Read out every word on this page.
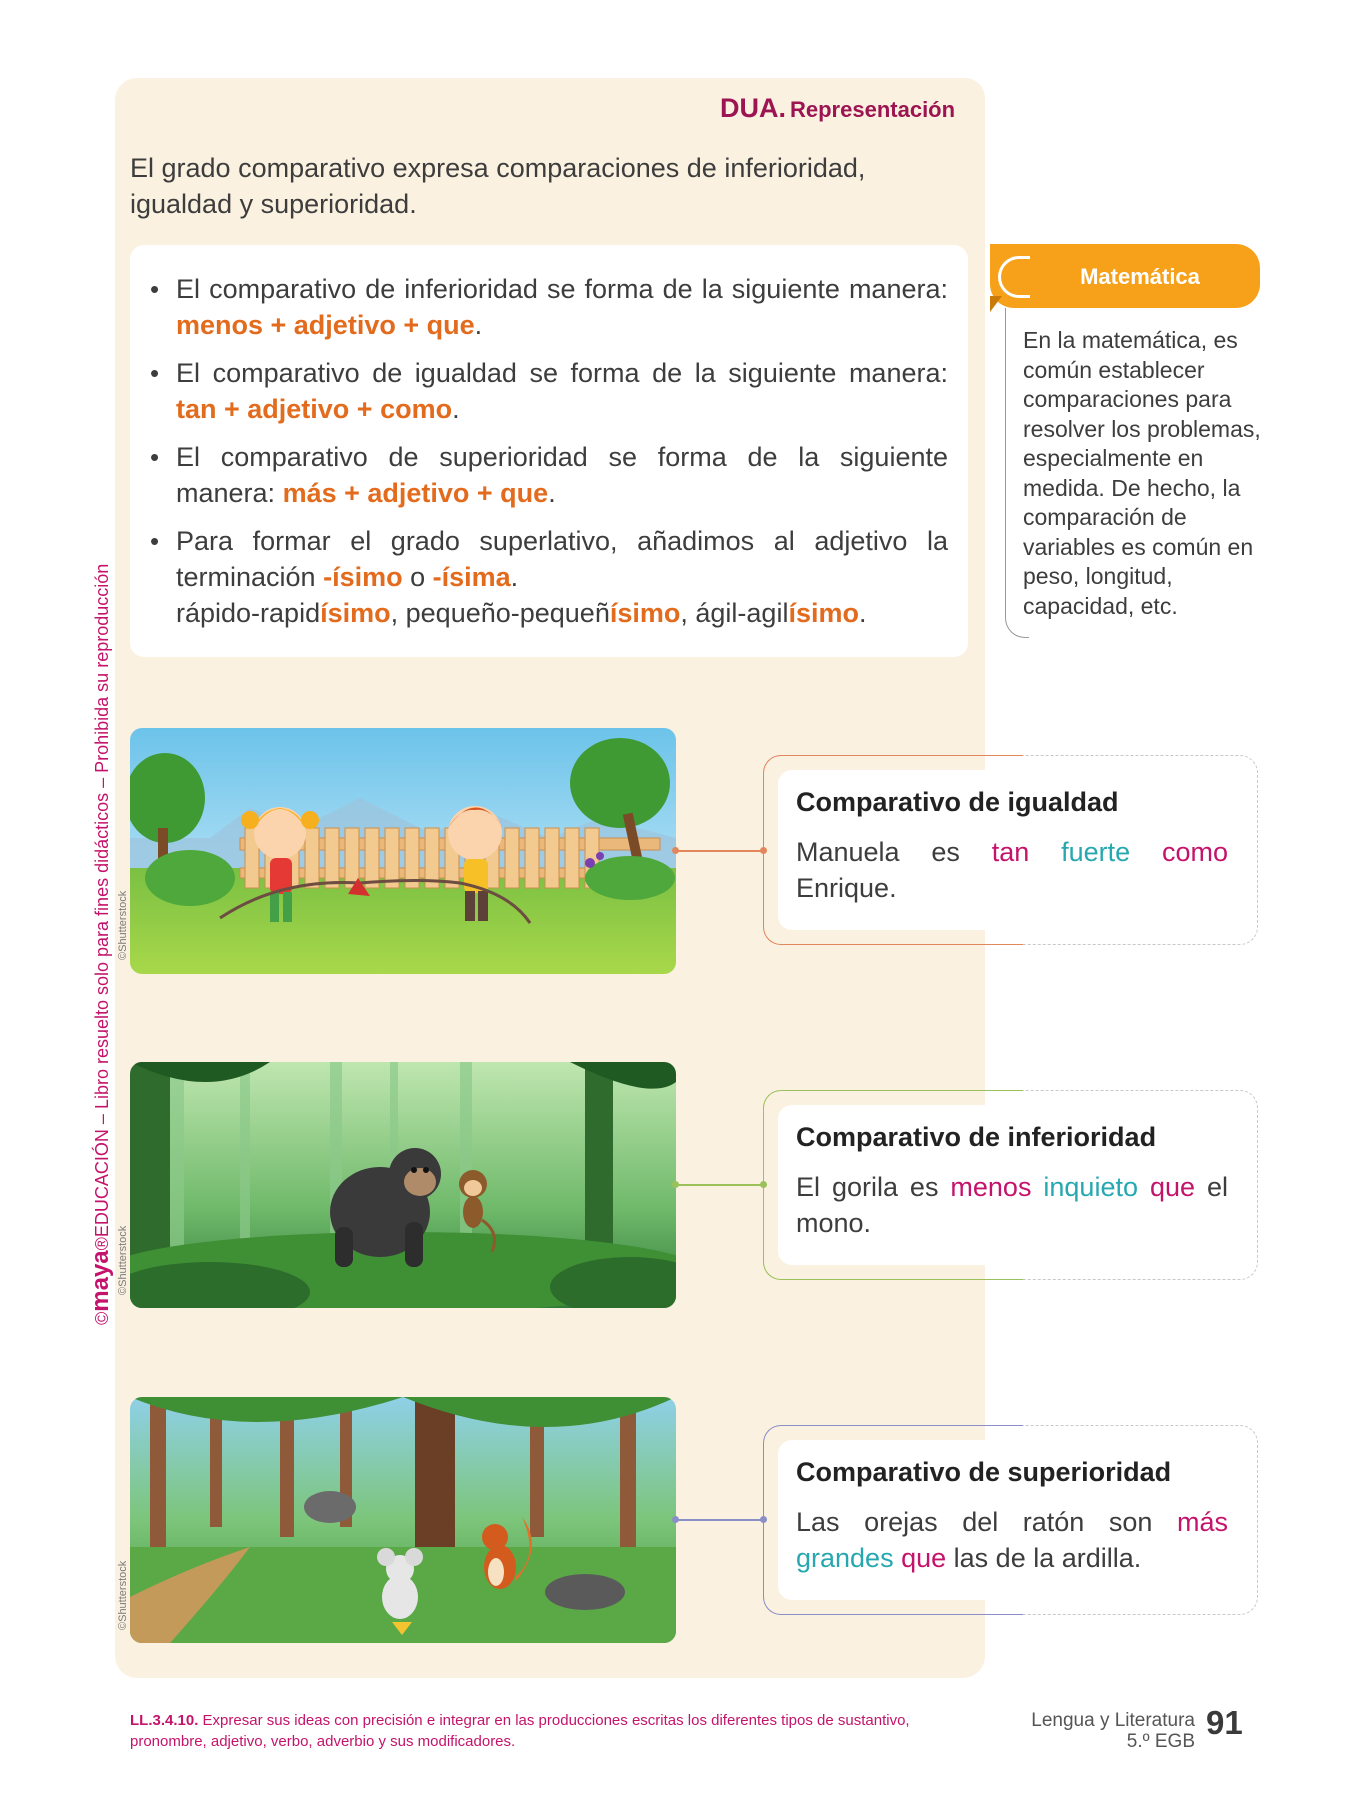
DUA. Representación

El grado comparativo expresa comparaciones de inferioridad, igualdad y superioridad.

• El comparativo de inferioridad se forma de la siguiente manera: menos + adjetivo + que.
• El comparativo de igualdad se forma de la siguiente manera: tan + adjetivo + como.
• El comparativo de superioridad se forma de la siguiente manera: más + adjetivo + que.
• Para formar el grado superlativo, añadimos al adjetivo la terminación -ísimo o -ísima.
rápido-rapidísimo, pequeño-pequeñísimo, ágil-agilísimo.
Matemática

En la matemática, es común establecer comparaciones para resolver los problemas, especialmente en medida. De hecho, la comparación de variables es común en peso, longitud, capacidad, etc.

©Shutterstock
©Shutterstock
©Shutterstock
Comparativo de igualdad
Manuela es tan fuerte como Enrique.
Comparativo de inferioridad
El gorila es menos inquieto que el mono.
Comparativo de superioridad
Las orejas del ratón son más grandes que las de la ardilla.
©maya®EDUCACIÓN – Libro resuelto solo para fines didácticos – Prohibida su reproducción

LL.3.4.10. Expresar sus ideas con precisión e integrar en las producciones escritas los diferentes tipos de sustantivo, pronombre, adjetivo, verbo, adverbio y sus modificadores.

Lengua y Literatura
5.º EGB
91
